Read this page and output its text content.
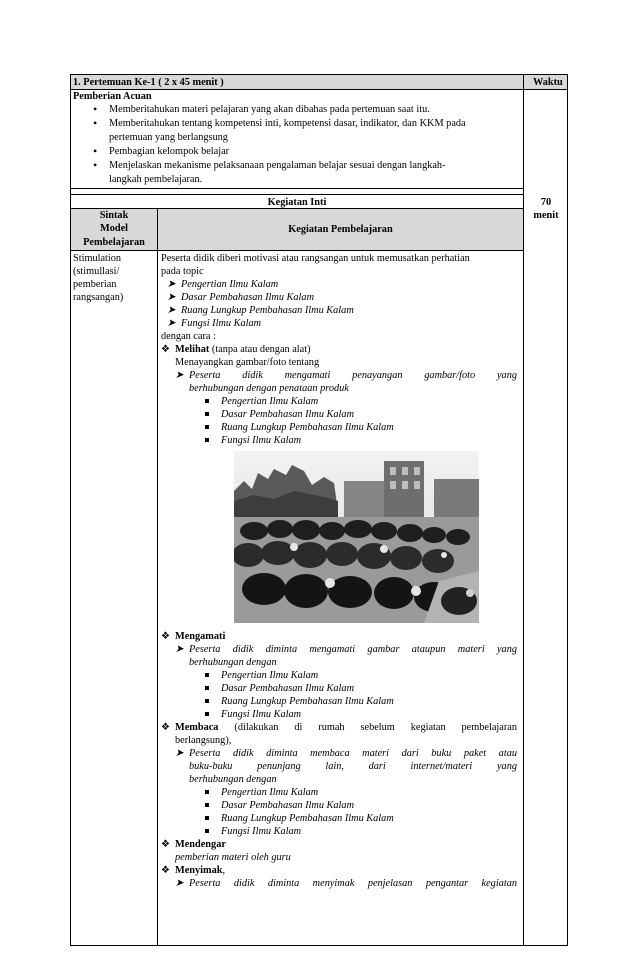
1. Pertemuan Ke-1 ( 2 x 45 menit )	Waktu
Pemberian Acuan
• Memberitahukan materi pelajaran yang akan dibahas pada pertemuan saat itu.
• Memberitahukan tentang kompetensi inti, kompetensi dasar, indikator, dan KKM pada
pertemuan yang berlangsung
• Pembagian kelompok belajar
• Menjelaskan mekanisme pelaksanaan pengalaman belajar sesuai dengan langkah-
langkah pembelajaran.
Kegiatan Inti	70
menit
Sintak
Model
Pembelajaran
Kegiatan Pembelajaran
Stimulation
(stimullasi/
pemberian
rangsangan)
Peserta didik diberi motivasi atau rangsangan untuk memusatkan perhatian
pada topic
➤ Pengertian Ilmu Kalam
➤ Dasar Pembahasan Ilmu Kalam
➤ Ruang Lungkup Pembahasan Ilmu Kalam
➤ Fungsi Ilmu Kalam
dengan cara :
❖ Melihat (tanpa atau dengan alat)
Menayangkan gambar/foto tentang
➤ Peserta didik mengamati penayangan gambar/foto yang
berhubungan dengan penataan produk
Pengertian Ilmu Kalam
Dasar Pembahasan Ilmu Kalam
Ruang Lungkup Pembahasan Ilmu Kalam
Fungsi Ilmu Kalam
❖ Mengamati
➤ Peserta didik diminta mengamati gambar ataupun materi yang
berhubungan dengan
Pengertian Ilmu Kalam
Dasar Pembahasan Ilmu Kalam
Ruang Lungkup Pembahasan Ilmu Kalam
Fungsi Ilmu Kalam
❖ Membaca (dilakukan di rumah sebelum kegiatan pembelajaran
berlangsung),
➤ Peserta didik diminta membaca materi dari buku paket atau
buku-buku penunjang lain, dari internet/materi yang
berhubungan dengan
Pengertian Ilmu Kalam
Dasar Pembahasan Ilmu Kalam
Ruang Lungkup Pembahasan Ilmu Kalam
Fungsi Ilmu Kalam
❖ Mendengar
pemberian materi oleh guru
❖ Menyimak,
➤ Peserta didik diminta menyimak penjelasan pengantar kegiatan
